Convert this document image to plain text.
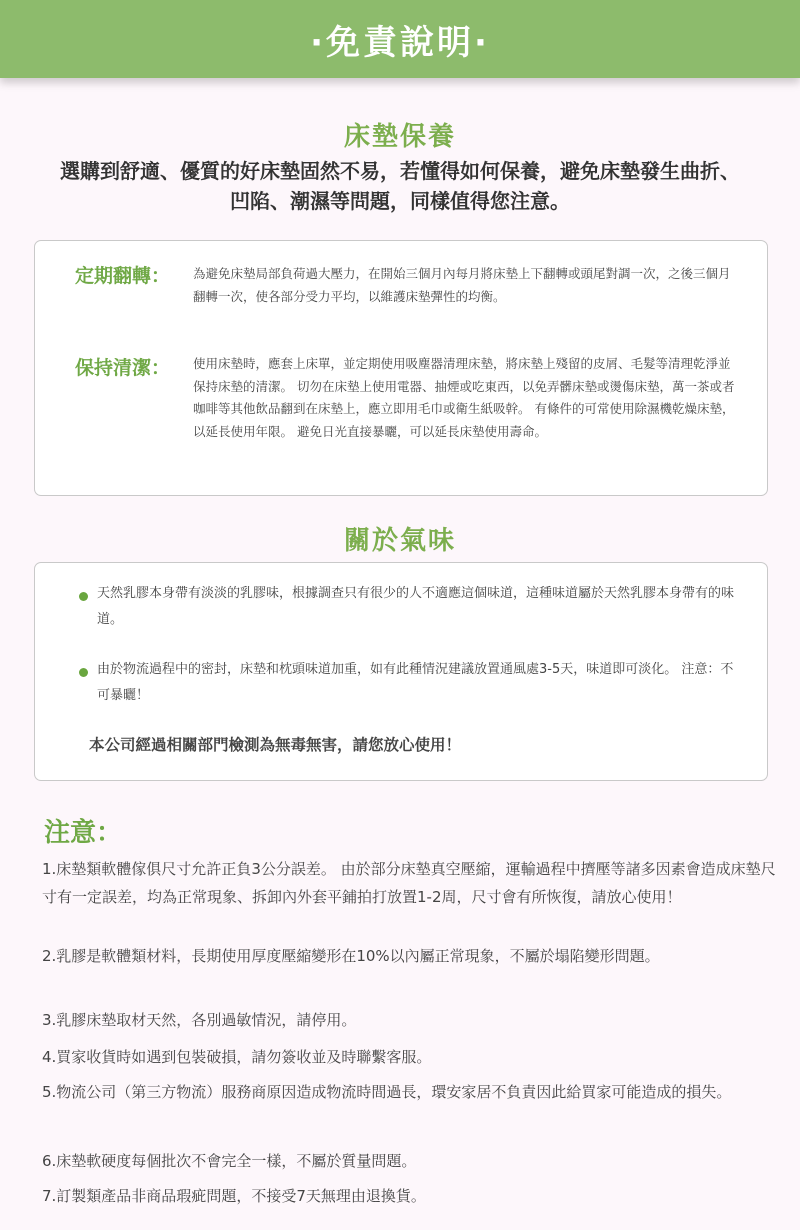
·免責說明·
床墊保養
選購到舒適、優質的好床墊固然不易，若懂得如何保養，避免床墊發生曲折、凹陷、潮濕等問題，同樣值得您注意。
定期翻轉： 為避免床墊局部負荷過大壓力，在開始三個月內每月將床墊上下翻轉或頭尾對調一次，之後三個月翻轉一次，使各部分受力平均，以維護床墊彈性的均衡。
保持清潔： 使用床墊時，應套上床單，並定期使用吸塵器清理床墊，將床墊上殘留的皮屑、毛髮等清理乾淨並保持床墊的清潔。 切勿在床墊上使用電器、抽煙或吃東西，以免弄髒床墊或燙傷床墊，萬一茶或者咖啡等其他飲品翻到在床墊上，應立即用毛巾或衛生紙吸幹。 有條件的可常使用除濕機乾燥床墊，以延長使用年限。 避免日光直接暴曬，可以延長床墊使用壽命。
關於氣味
天然乳膠本身帶有淡淡的乳膠味，根據調查只有很少的人不適應這個味道，這種味道屬於天然乳膠本身帶有的味道。
由於物流過程中的密封，床墊和枕頭味道加重，如有此種情況建議放置通風處3-5天，味道即可淡化。 注意：不可暴曬！
本公司經過相關部門檢測為無毒無害，請您放心使用！
注意：
1.床墊類軟體傢俱尺寸允許正負3公分誤差。 由於部分床墊真空壓縮，運輸過程中擠壓等諸多因素會造成床墊尺寸有一定誤差，均為正常現象、拆卸內外套平鋪拍打放置1-2周，尺寸會有所恢復，請放心使用！
2.乳膠是軟體類材料，長期使用厚度壓縮變形在10%以內屬正常現象，不屬於塌陷變形問題。
3.乳膠床墊取材天然，各別過敏情況，請停用。
4.買家收貨時如遇到包裝破損，請勿簽收並及時聯繫客服。
5.物流公司（第三方物流）服務商原因造成物流時間過長，環安家居不負責因此給買家可能造成的損失。
6.床墊軟硬度每個批次不會完全一樣，不屬於質量問題。
7.訂製類產品非商品瑕疵問題，不接受7天無理由退換貨。
